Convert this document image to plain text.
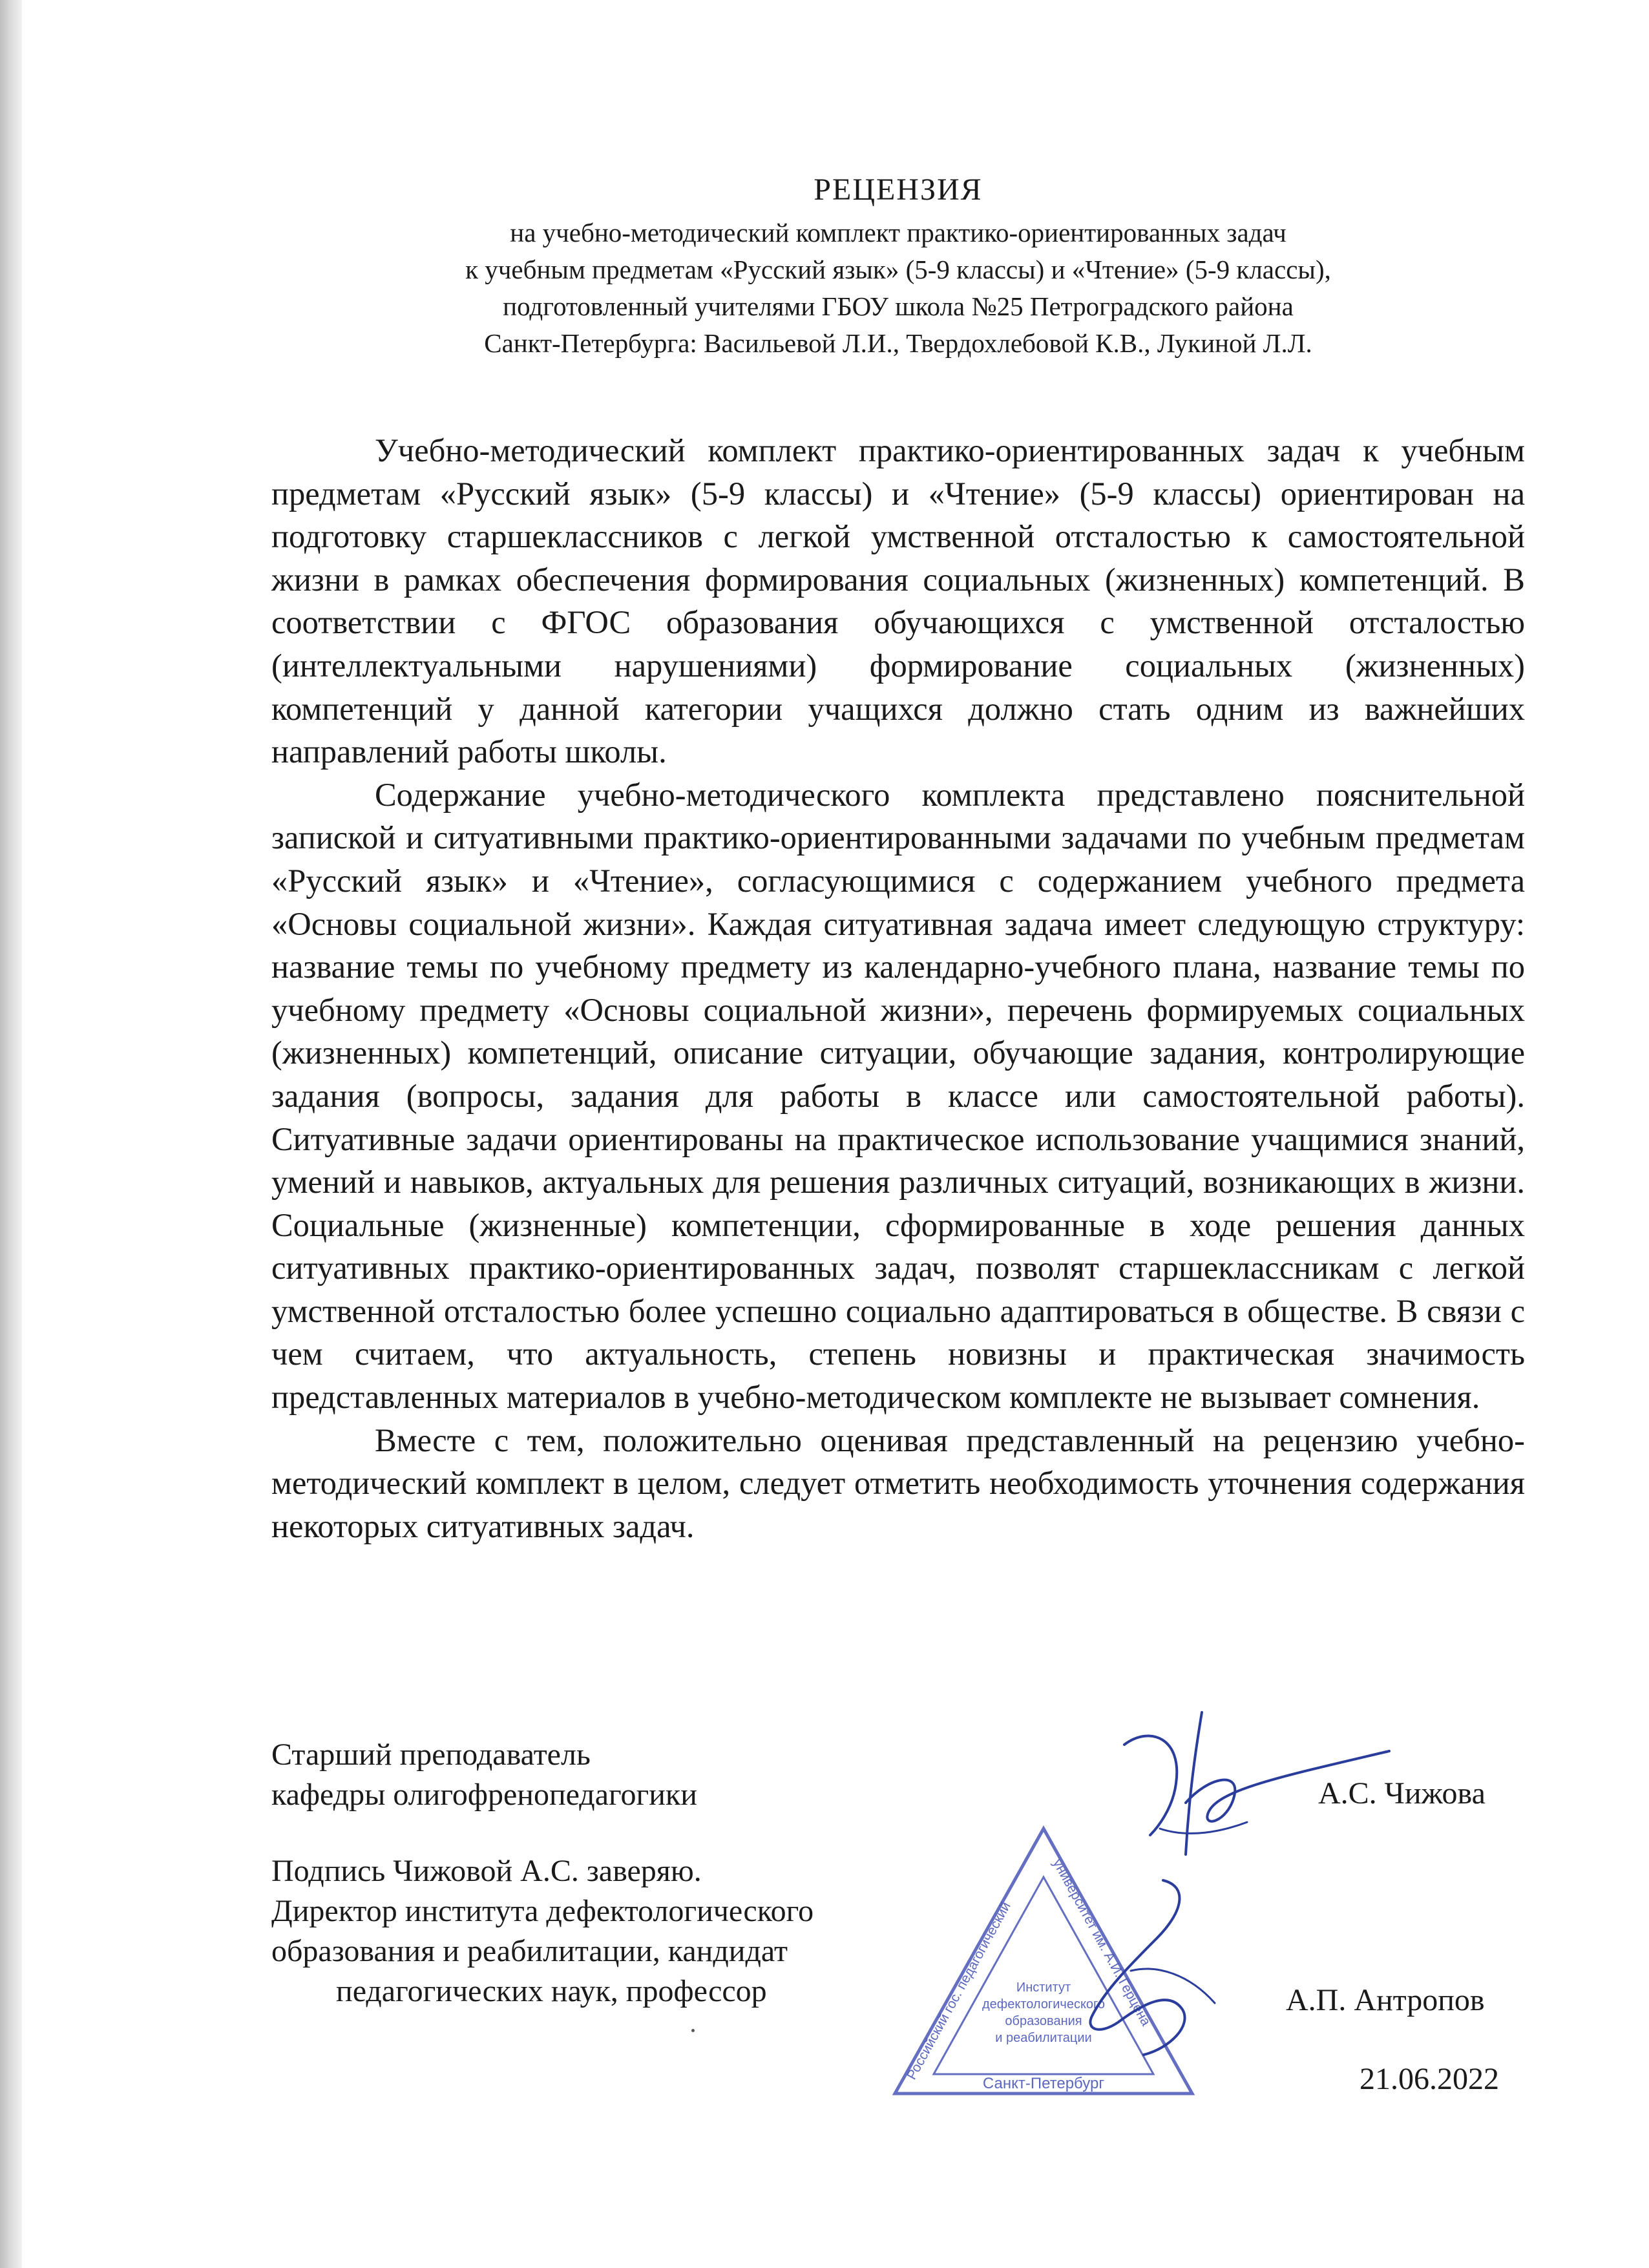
РЕЦЕНЗИЯ
на учебно-методический комплект практико-ориентированных задач
к учебным предметам «Русский язык» (5-9 классы) и «Чтение» (5-9 классы),
подготовленный учителями ГБОУ школа №25 Петроградского района
Санкт-Петербурга: Васильевой Л.И., Твердохлебовой К.В., Лукиной Л.Л.

Учебно-методический комплект практико-ориентированных задач к учебным предметам «Русский язык» (5-9 классы) и «Чтение» (5-9 классы) ориентирован на подготовку старшеклассников с легкой умственной отсталостью к самостоятельной жизни в рамках обеспечения формирования социальных (жизненных) компетенций. В соответствии с ФГОС образования обучающихся с умственной отсталостью (интеллектуальными нарушениями) формирование социальных (жизненных) компетенций у данной категории учащихся должно стать одним из важнейших направлений работы школы.

Содержание учебно-методического комплекта представлено пояснительной запиской и ситуативными практико-ориентированными задачами по учебным предметам «Русский язык» и «Чтение», согласующимися с содержанием учебного предмета «Основы социальной жизни». Каждая ситуативная задача имеет следующую структуру: название темы по учебному предмету из календарно-учебного плана, название темы по учебному предмету «Основы социальной жизни», перечень формируемых социальных (жизненных) компетенций, описание ситуации, обучающие задания, контролирующие задания (вопросы, задания для работы в классе или самостоятельной работы). Ситуативные задачи ориентированы на практическое использование учащимися знаний, умений и навыков, актуальных для решения различных ситуаций, возникающих в жизни. Социальные (жизненные) компетенции, сформированные в ходе решения данных ситуативных практико-ориентированных задач, позволят старшеклассникам с легкой умственной отсталостью более успешно социально адаптироваться в обществе. В связи с чем считаем, что актуальность, степень новизны и практическая значимость представленных материалов в учебно-методическом комплекте не вызывает сомнения.

Вместе с тем, положительно оценивая представленный на рецензию учебно-методический комплект в целом, следует отметить необходимость уточнения содержания некоторых ситуативных задач.

Старший преподаватель
кафедры олигофренопедагогики	А.С. Чижова
Подпись Чижовой А.С. заверяю.
Директор института дефектологического
образования и реабилитации, кандидат
педагогических наук, профессор	А.П. Антропов
Российский гос. педагогический
университет им. А.И. Герцена
Санкт-Петербург
Институт
дефектологического
образования
и реабилитации
21.06.2022
